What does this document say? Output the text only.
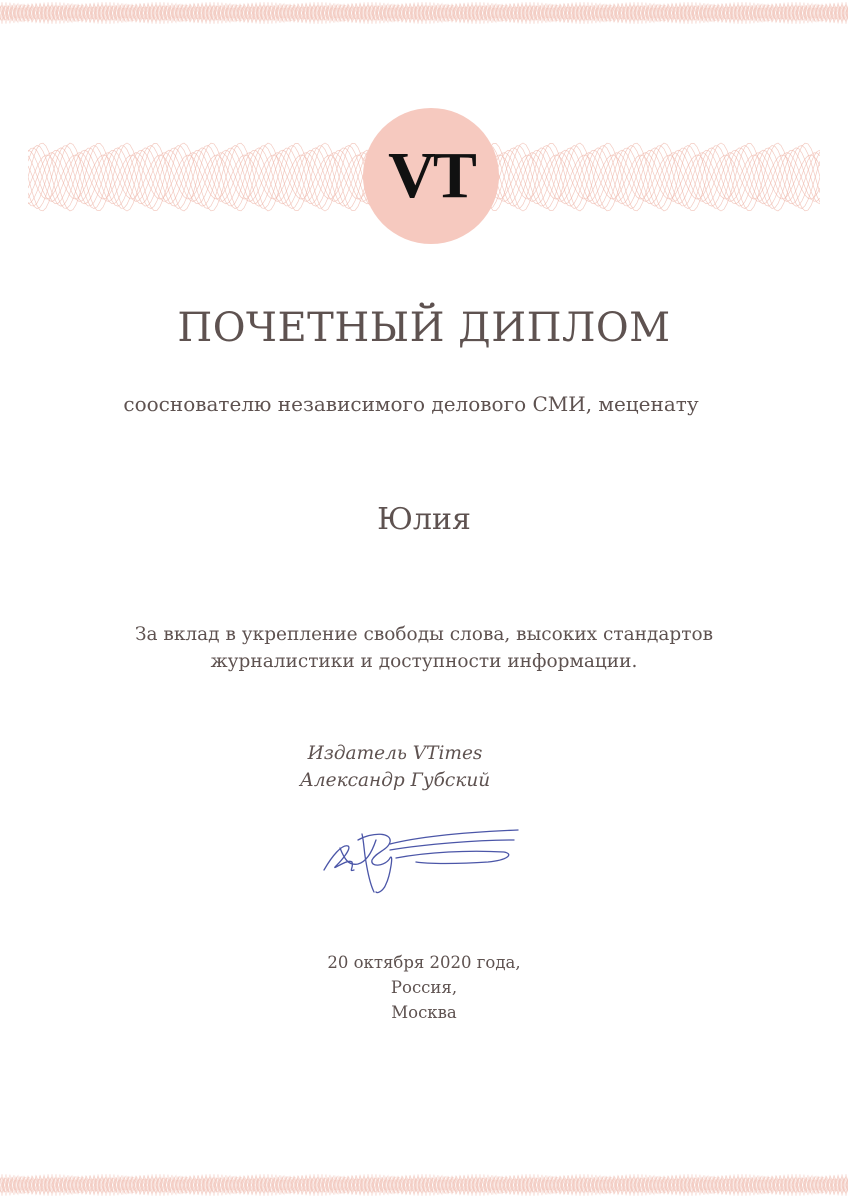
VT
ПОЧЕТНЫЙ ДИПЛОМ
сооснователю независимого делового СМИ, меценату
Юлия
За вклад в укрепление свободы слова, высоких стандартов
журналистики и доступности информации.
Издатель VTimes
Александр Губский
20 октября 2020 года,
Россия,
Москва
